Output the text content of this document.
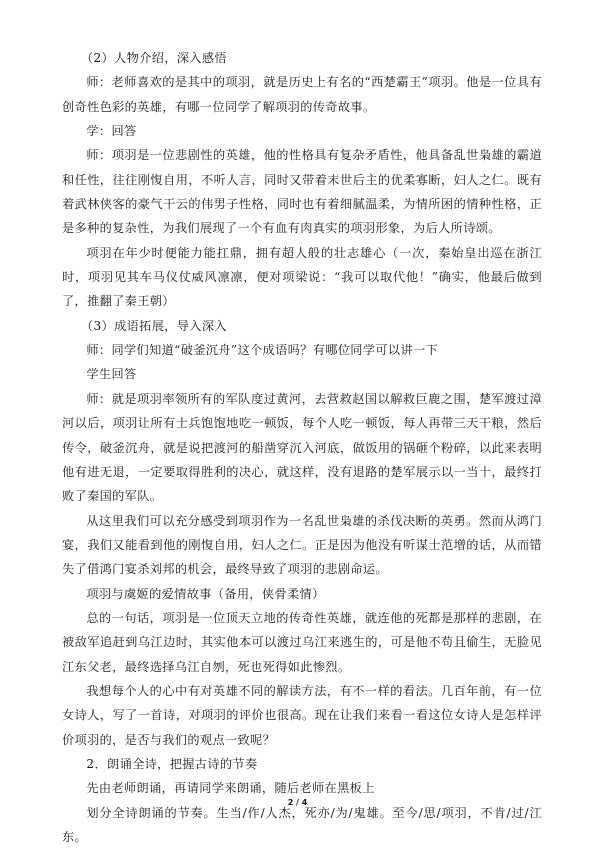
（2）人物介绍，深入感悟

师：老师喜欢的是其中的项羽，就是历史上有名的“西楚霸王”项羽。他是一位具有创奇性色彩的英雄，有哪一位同学了解项羽的传奇故事。

学：回答

师：项羽是一位悲剧性的英雄，他的性格具有复杂矛盾性，他具备乱世枭雄的霸道和任性，往往刚愎自用，不听人言，同时又带着末世后主的优柔寡断，妇人之仁。既有着武林侠客的豪气干云的伟男子性格，同时也有着细腻温柔，为情所困的情种性格，正是多种的复杂性，为我们展现了一个有血有肉真实的项羽形象，为后人所诗颂。

项羽在年少时便能力能扛鼎，拥有超人般的壮志雄心（一次，秦始皇出巡在浙江时，项羽见其车马仪仗威风凛凛，便对项梁说：“我可以取代他！”确实，他最后做到了，推翻了秦王朝）

（3）成语拓展，导入深入

师：同学们知道“破釜沉舟”这个成语吗？有哪位同学可以讲一下

学生回答

师：就是项羽率领所有的军队度过黄河，去营救赵国以解救巨鹿之围，楚军渡过漳河以后，项羽让所有士兵饱饱地吃一顿饭，每个人吃一顿饭，每人再带三天干粮，然后传令，破釜沉舟，就是说把渡河的船凿穿沉入河底，做饭用的锅砸个粉碎，以此来表明他有进无退，一定要取得胜利的决心，就这样，没有退路的楚军展示以一当十，最终打败了秦国的军队。

从这里我们可以充分感受到项羽作为一名乱世枭雄的杀伐决断的英勇。然而从鸿门宴，我们又能看到他的刚愎自用，妇人之仁。正是因为他没有听谋士范增的话，从而错失了借鸿门宴杀刘邦的机会，最终导致了项羽的悲剧命运。

项羽与虞姬的爱情故事（备用，侠骨柔情）

总的一句话，项羽是一位顶天立地的传奇性英雄，就连他的死都是那样的悲剧，在被敌军追赶到乌江边时，其实他本可以渡过乌江来逃生的，可是他不苟且偷生，无脸见江东父老，最终选择乌江自刎，死也死得如此惨烈。

我想每个人的心中有对英雄不同的解读方法，有不一样的看法。几百年前，有一位女诗人，写了一首诗，对项羽的评价也很高。现在让我们来看一看这位女诗人是怎样评价项羽的，是否与我们的观点一致呢？

2．朗诵全诗，把握古诗的节奏

先由老师朗诵，再请同学来朗诵，随后老师在黑板上

划分全诗朗诵的节奏。生当/作/人杰，死亦/为/鬼雄。至今/思/项羽，不肯/过/江东。

2 / 4
